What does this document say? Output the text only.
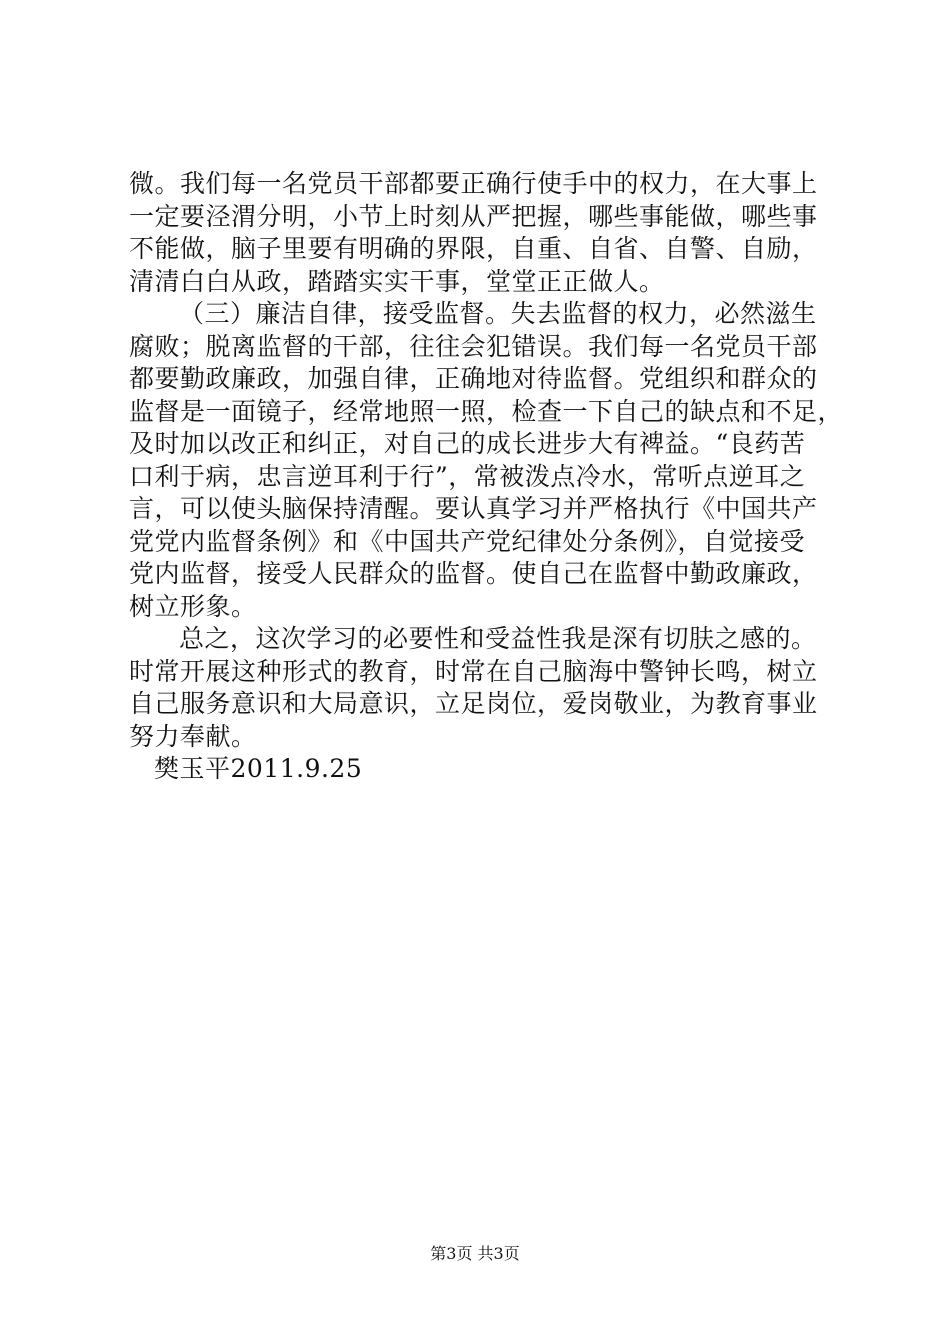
微。我们每一名党员干部都要正确行使手中的权力，在大事上
一定要泾渭分明，小节上时刻从严把握，哪些事能做，哪些事
不能做，脑子里要有明确的界限，自重、自省、自警、自励，
清清白白从政，踏踏实实干事，堂堂正正做人。
（三）廉洁自律，接受监督。失去监督的权力，必然滋生
腐败；脱离监督的干部，往往会犯错误。我们每一名党员干部
都要勤政廉政，加强自律，正确地对待监督。党组织和群众的
监督是一面镜子，经常地照一照，检查一下自己的缺点和不足，
及时加以改正和纠正，对自己的成长进步大有裨益。“良药苦
口利于病，忠言逆耳利于行”，常被泼点冷水，常听点逆耳之
言，可以使头脑保持清醒。要认真学习并严格执行《中国共产
党党内监督条例》和《中国共产党纪律处分条例》，自觉接受
党内监督，接受人民群众的监督。使自己在监督中勤政廉政，
树立形象。
总之，这次学习的必要性和受益性我是深有切肤之感的。
时常开展这种形式的教育，时常在自己脑海中警钟长鸣，树立
自己服务意识和大局意识，立足岗位，爱岗敬业，为教育事业
努力奉献。
樊玉平2011.9.25
第3页 共3页
